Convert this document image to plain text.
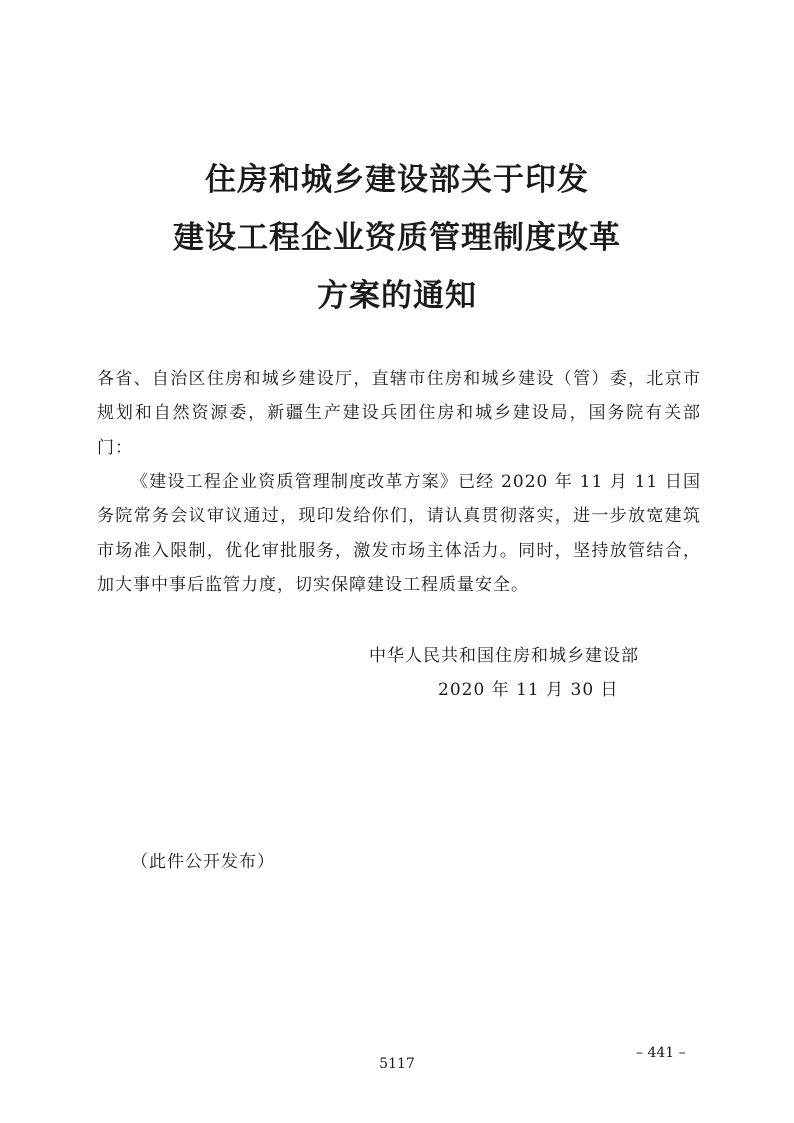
住房和城乡建设部关于印发
建设工程企业资质管理制度改革
方案的通知

各省、自治区住房和城乡建设厅，直辖市住房和城乡建设（管）委，北京市规划和自然资源委，新疆生产建设兵团住房和城乡建设局，国务院有关部门：

《建设工程企业资质管理制度改革方案》已经 2020 年 11 月 11 日国务院常务会议审议通过，现印发给你们，请认真贯彻落实，进一步放宽建筑市场准入限制，优化审批服务，激发市场主体活力。同时，坚持放管结合，加大事中事后监管力度，切实保障建设工程质量安全。

中华人民共和国住房和城乡建设部

2020 年 11 月 30 日

（此件公开发布）

– 441 –
5117
